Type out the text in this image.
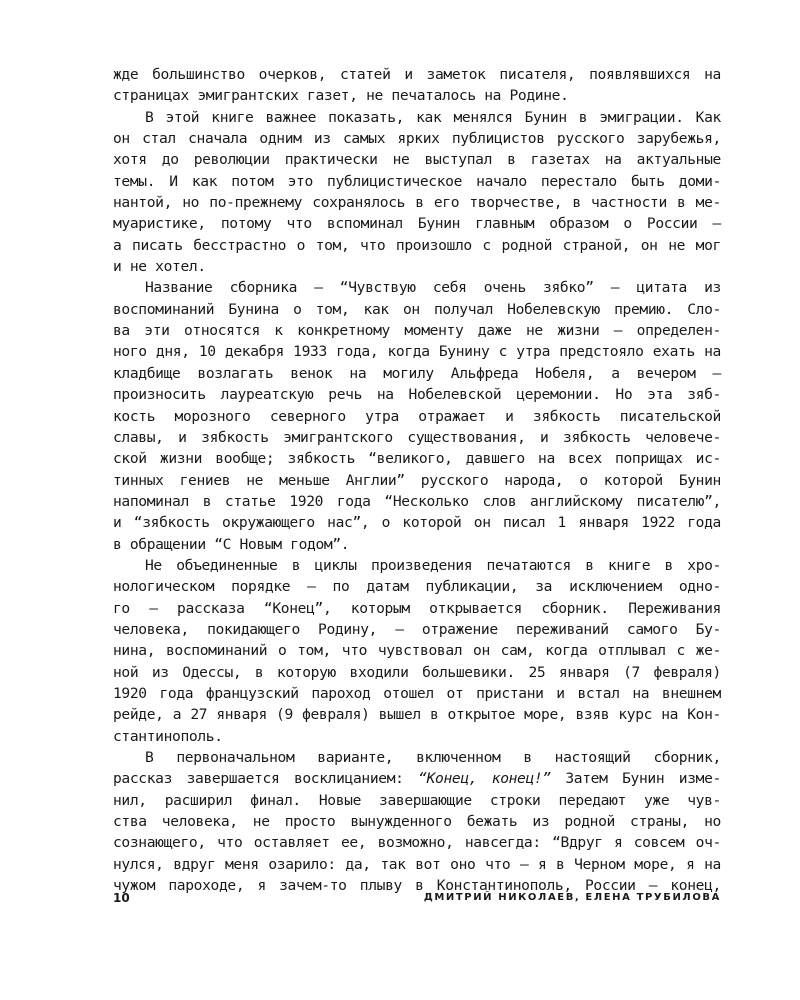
жде большинство очерков, статей и заметок писателя, появлявшихся на
страницах эмигрантских газет, не печаталось на Родине.
В этой книге важнее показать, как менялся Бунин в эмиграции. Как
он стал сначала одним из самых ярких публицистов русского зарубежья,
хотя до революции практически не выступал в газетах на актуальные
темы. И как потом это публицистическое начало перестало быть доми-
нантой, но по-прежнему сохранялось в его творчестве, в частности в ме-
муаристике, потому что вспоминал Бунин главным образом о России —
а писать бесстрастно о том, что произошло с родной страной, он не мог
и не хотел.
Название сборника — “Чувствую себя очень зябко” — цитата из
воспоминаний Бунина о том, как он получал Нобелевскую премию. Сло-
ва эти относятся к конкретному моменту даже не жизни — определен-
ного дня, 10 декабря 1933 года, когда Бунину с утра предстояло ехать на
кладбище возлагать венок на могилу Альфреда Нобеля, а вечером —
произносить лауреатскую речь на Нобелевской церемонии. Но эта зяб-
кость морозного северного утра отражает и зябкость писательской
славы, и зябкость эмигрантского существования, и зябкость человече-
ской жизни вообще; зябкость “великого, давшего на всех поприщах ис-
тинных гениев не меньше Англии” русского народа, о которой Бунин
напоминал в статье 1920 года “Несколько слов английскому писателю”,
и “зябкость окружающего нас”, о которой он писал 1 января 1922 года
в обращении “С Новым годом”.
Не объединенные в циклы произведения печатаются в книге в хро-
нологическом порядке — по датам публикации, за исключением одно-
го — рассказа “Конец”, которым открывается сборник. Переживания
человека, покидающего Родину, — отражение переживаний самого Бу-
нина, воспоминаний о том, что чувствовал он сам, когда отплывал с же-
ной из Одессы, в которую входили большевики. 25 января (7 февраля)
1920 года французский пароход отошел от пристани и встал на внешнем
рейде, а 27 января (9 февраля) вышел в открытое море, взяв курс на Кон-
стантинополь.
В первоначальном варианте, включенном в настоящий сборник,
рассказ завершается восклицанием: “Конец, конец!” Затем Бунин изме-
нил, расширил финал. Новые завершающие строки передают уже чув-
ства человека, не просто вынужденного бежать из родной страны, но
сознающего, что оставляет ее, возможно, навсегда: “Вдруг я совсем оч-
нулся, вдруг меня озарило: да, так вот оно что — я в Черном море, я на
чужом пароходе, я зачем-то плыву в Константинополь, России — конец,
10	ДМИТРИЙ НИКОЛАЕВ, ЕЛЕНА ТРУБИЛОВА
